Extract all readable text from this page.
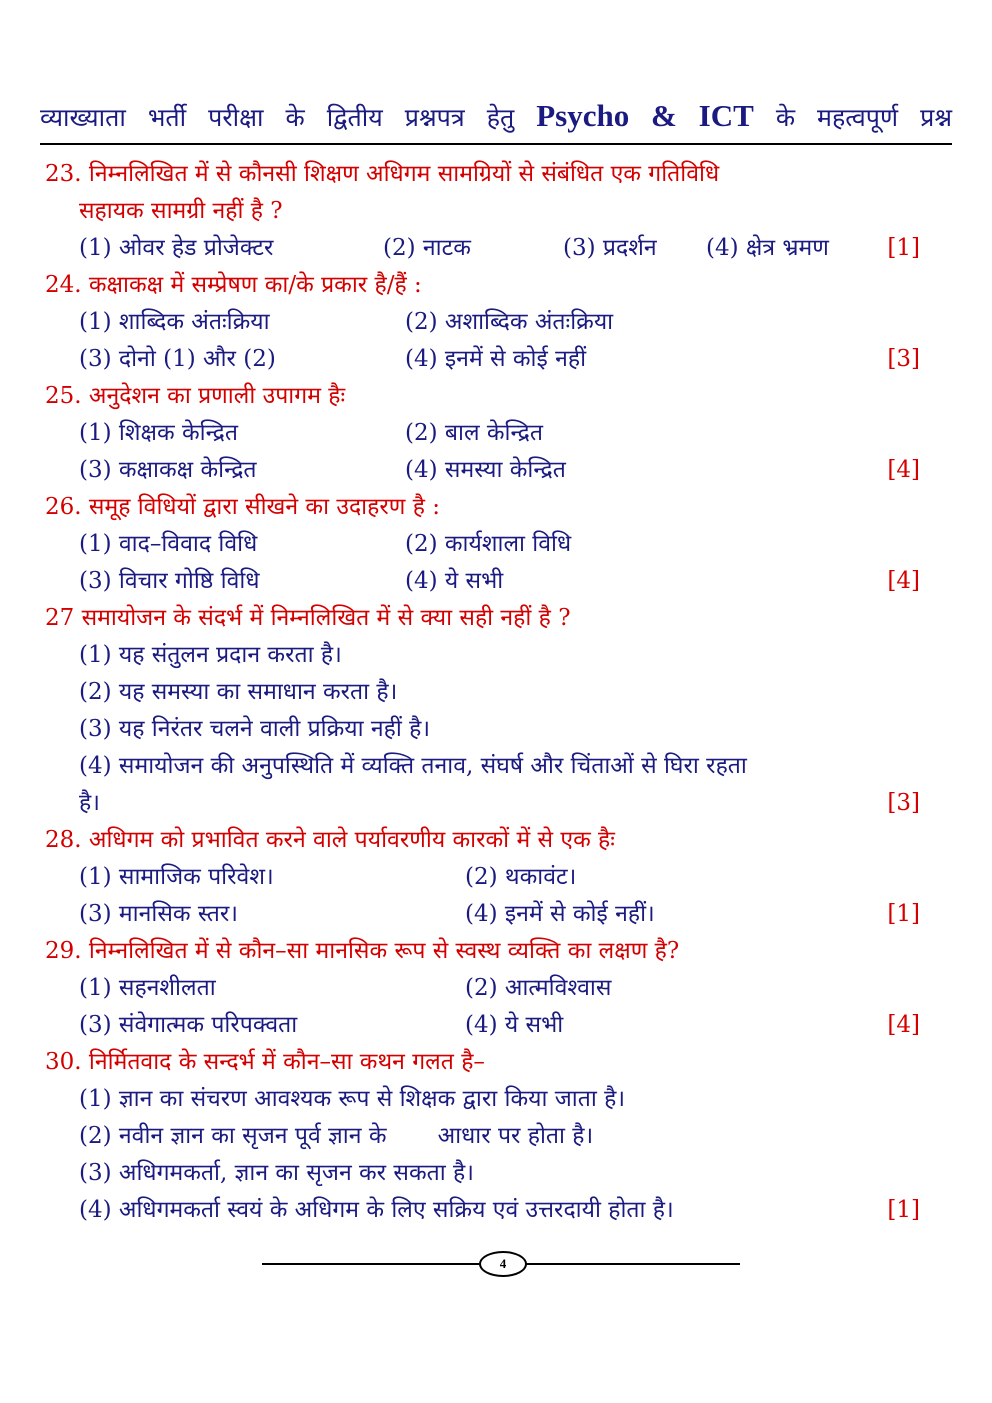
व्याख्याता भर्ती परीक्षा के द्वितीय प्रश्नपत्र हेतु Psycho & ICT के महत्वपूर्ण प्रश्न
23. निम्नलिखित में से कौनसी शिक्षण अधिगम सामग्रियों से संबंधित एक गतिविधि
सहायक सामग्री नहीं है ?
(1) ओवर हेड प्रोजेक्टर	(2) नाटक	(3) प्रदर्शन (4) क्षेत्र भ्रमण	[1]
24. कक्षाकक्ष में सम्प्रेषण का/के प्रकार है/हैं :
(1) शाब्दिक अंतःक्रिया	(2) अशाब्दिक अंतःक्रिया
(3) दोनो (1) और (2)	(4) इनमें से कोई नहीं	[3]
25. अनुदेशन का प्रणाली उपागम हैः
(1) शिक्षक केन्द्रित	(2) बाल केन्द्रित
(3) कक्षाकक्ष केन्द्रित	(4) समस्या केन्द्रित	[4]
26. समूह विधियों द्वारा सीखने का उदाहरण है :
(1) वाद–विवाद विधि	(2) कार्यशाला विधि
(3) विचार गोष्ठि विधि	(4) ये सभी	[4]
27 समायोजन के संदर्भ में निम्नलिखित में से क्या सही नहीं है ?
(1) यह संतुलन प्रदान करता है।
(2) यह समस्या का समाधान करता है।
(3) यह निरंतर चलने वाली प्रक्रिया नहीं है।
(4) समायोजन की अनुपस्थिति में व्यक्ति तनाव, संघर्ष और चिंताओं से घिरा रहता
है।	[3]
28. अधिगम को प्रभावित करने वाले पर्यावरणीय कारकों में से एक हैः
(1) सामाजिक परिवेश।	(2) थकावंट।
(3) मानसिक स्तर।	(4) इनमें से कोई नहीं।	[1]
29. निम्नलिखित में से कौन–सा मानसिक रूप से स्वस्थ व्यक्ति का लक्षण है?
(1) सहनशीलता	(2) आत्मविश्वास
(3) संवेगात्मक परिपक्वता	(4) ये सभी	[4]
30. निर्मितवाद के सन्दर्भ में कौन–सा कथन गलत है–
(1) ज्ञान का संचरण आवश्यक रूप से शिक्षक द्वारा किया जाता है।
(2) नवीन ज्ञान का सृजन पूर्व ज्ञान के       आधार पर होता है।
(3) अधिगमकर्ता, ज्ञान का सृजन कर सकता है।
(4) अधिगमकर्ता स्वयं के अधिगम के लिए सक्रिय एवं उत्तरदायी होता है।	[1]
4
